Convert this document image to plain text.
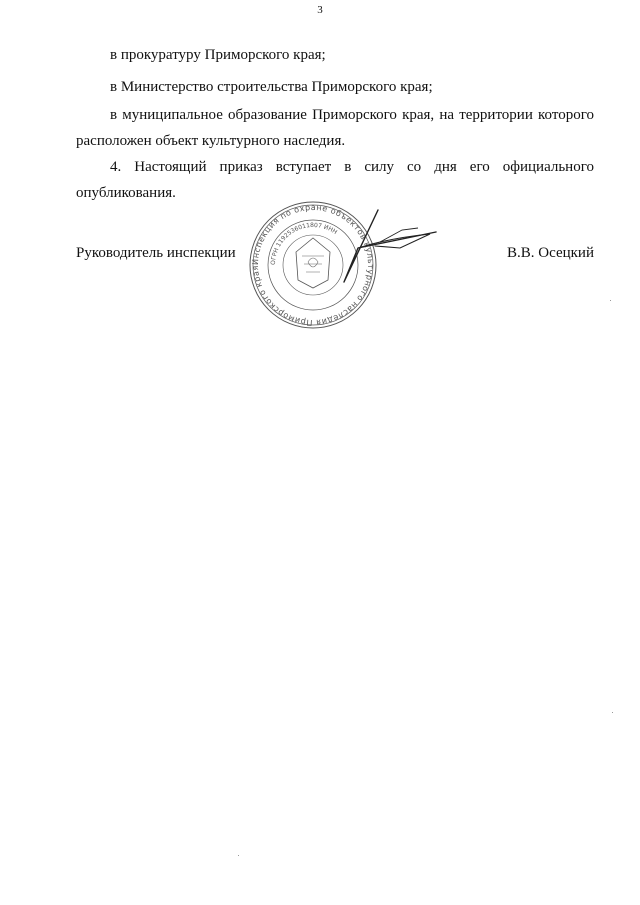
3
в прокуратуру Приморского края;
в Министерство строительства Приморского края;
в муниципальное образование Приморского края, на территории которого
расположен объект культурного наследия.
4. Настоящий приказ вступает в силу со дня его официального
опубликования.
Руководитель инспекции	В.В. Осецкий
Инспекция по охране объектов культурного наследия Приморского края
ОГРН 1192536011807 ИНН
